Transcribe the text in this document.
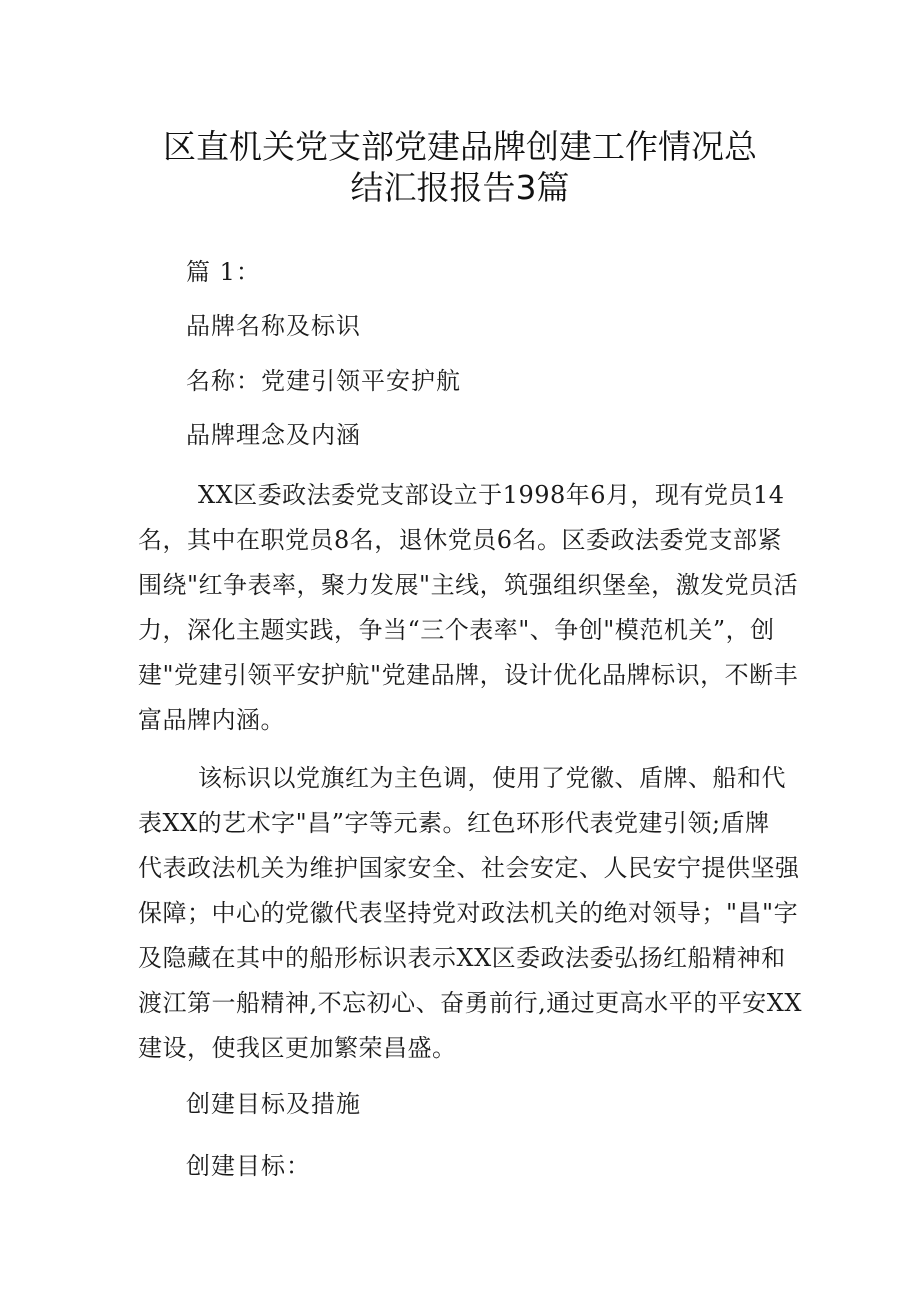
区直机关党支部党建品牌创建工作情况总
结汇报报告3篇
篇 1：
品牌名称及标识
名称：党建引领平安护航
品牌理念及内涵
XX区委政法委党支部设立于1998年6月，现有党员14
名，其中在职党员8名，退休党员6名。区委政法委党支部紧
围绕"红争表率，聚力发展"主线，筑强组织堡垒，激发党员活
力，深化主题实践，争当“三个表率"、争创"模范机关”，创
建"党建引领平安护航"党建品牌，设计优化品牌标识，不断丰
富品牌内涵。
该标识以党旗红为主色调，使用了党徽、盾牌、船和代
表XX的艺术字"昌”字等元素。红色环形代表党建引领;盾牌
代表政法机关为维护国家安全、社会安定、人民安宁提供坚强
保障；中心的党徽代表坚持党对政法机关的绝对领导；"昌"字
及隐藏在其中的船形标识表示XX区委政法委弘扬红船精神和
渡江第一船精神,不忘初心、奋勇前行,通过更高水平的平安XX
建设，使我区更加繁荣昌盛。
创建目标及措施
创建目标：
